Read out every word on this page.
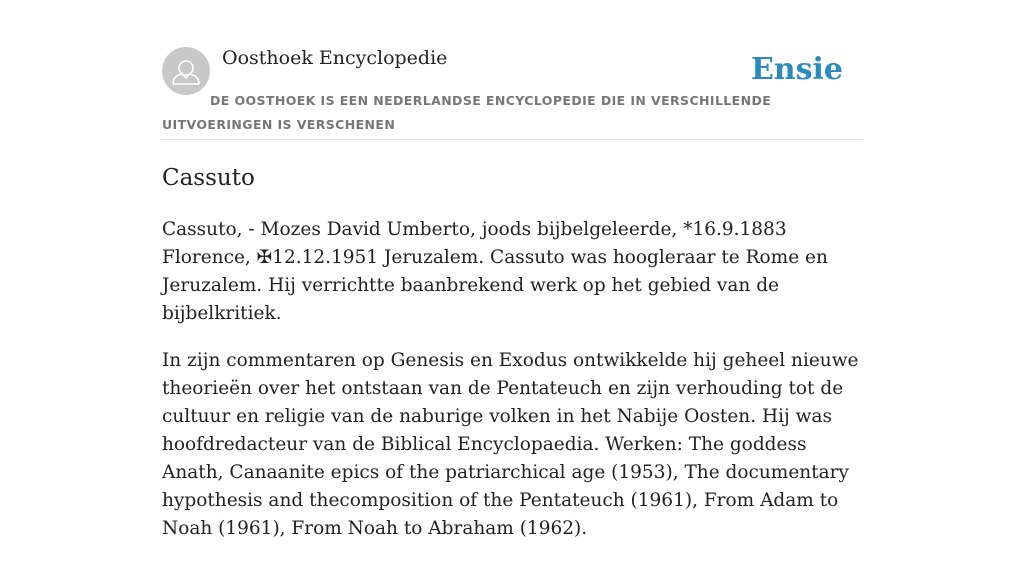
Oosthoek Encyclopedie	Ensie
DE OOSTHOEK IS EEN NEDERLANDSE ENCYCLOPEDIE DIE IN VERSCHILLENDE UITVOERINGEN IS VERSCHENEN
Cassuto

Cassuto, - Mozes David Umberto, joods bijbelgeleerde, *16.9.1883 Florence, ✠12.12.1951 Jeruzalem. Cassuto was hoogleraar te Rome en Jeruzalem. Hij verrichtte baanbrekend werk op het gebied van de bijbelkritiek.

In zijn commentaren op Genesis en Exodus ontwikkelde hij geheel nieuwe theorieën over het ontstaan van de Pentateuch en zijn verhouding tot de cultuur en religie van de naburige volken in het Nabije Oosten. Hij was hoofdredacteur van de Biblical Encyclopaedia. Werken: The goddess Anath, Canaanite epics of the patriarchical age (1953), The documentary hypothesis and thecomposition of the Pentateuch (1961), From Adam to Noah (1961), From Noah to Abraham (1962).
